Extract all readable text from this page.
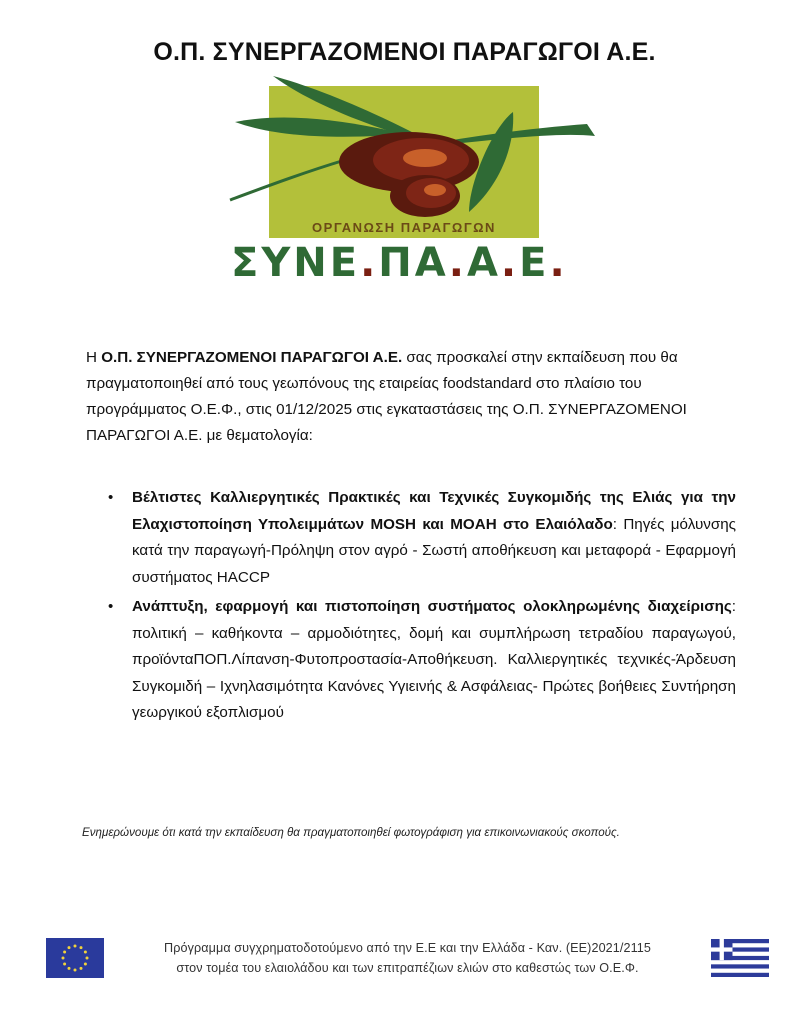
Ο.Π. ΣΥΝΕΡΓΑΖΟΜΕΝΟΙ ΠΑΡΑΓΩΓΟΙ Α.Ε.
ΟΡΓΑΝΩΣΗ ΠΑΡΑΓΩΓΩΝ
ΣΥΝΕ.ΠΑ.Α.Ε.

Η Ο.Π. ΣΥΝΕΡΓΑΖΟΜΕΝΟΙ ΠΑΡΑΓΩΓΟΙ Α.Ε. σας προσκαλεί στην εκπαίδευση που θα πραγματοποιηθεί από τους γεωπόνους της εταιρείας foodstandard στο πλαίσιο του προγράμματος Ο.Ε.Φ., στις 01/12/2025 στις εγκαταστάσεις της Ο.Π. ΣΥΝΕΡΓΑΖΟΜΕΝΟΙ ΠΑΡΑΓΩΓΟΙ Α.Ε. με θεματολογία:

• Βέλτιστες Καλλιεργητικές Πρακτικές και Τεχνικές Συγκομιδής της Ελιάς για την Ελαχιστοποίηση Υπολειμμάτων MOSH και MOAH στο Ελαιόλαδο: Πηγές μόλυνσης κατά την παραγωγή-Πρόληψη στον αγρό - Σωστή αποθήκευση και μεταφορά - Εφαρμογή συστήματος HACCP
• Ανάπτυξη, εφαρμογή και πιστοποίηση συστήματος ολοκληρωμένης διαχείρισης: πολιτική – καθήκοντα – αρμοδιότητες, δομή και συμπλήρωση τετραδίου παραγωγού, προϊόνταΠΟΠ.Λίπανση-Φυτοπροστασία-Αποθήκευση. Καλλιεργητικές τεχνικές-Άρδευση Συγκομιδή – Ιχνηλασιμότητα Κανόνες Υγιεινής & Ασφάλειας- Πρώτες βοήθειες Συντήρηση γεωργικού εξοπλισμού
Ενημερώνουμε ότι κατά την εκπαίδευση θα πραγματοποιηθεί φωτογράφιση για επικοινωνιακούς σκοπούς.
Πρόγραμμα συγχρηματοδοτούμενο από την Ε.Ε και την Ελλάδα - Καν. (ΕΕ)2021/2115
στον τομέα του ελαιολάδου και των επιτραπέζιων ελιών στο καθεστώς των Ο.Ε.Φ.
